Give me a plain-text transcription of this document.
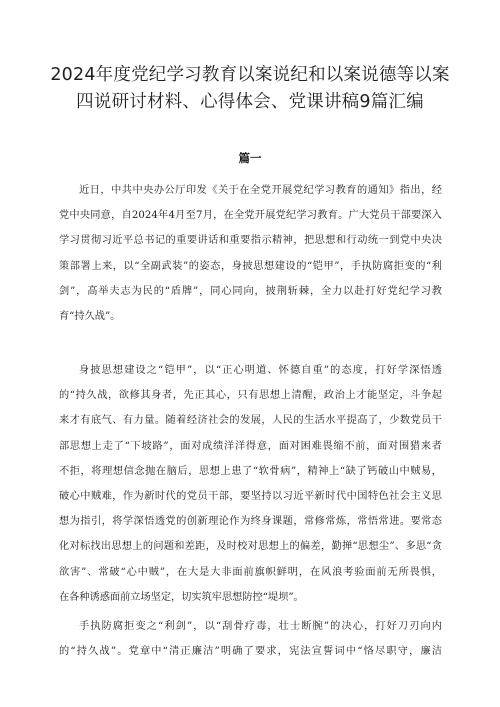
2024年度党纪学习教育以案说纪和以案说德等以案
四说研讨材料、心得体会、党课讲稿9篇汇编
篇一
近日，中共中央办公厅印发《关于在全党开展党纪学习教育的通知》指出，经
党中央同意，自2024年4月至7月，在全党开展党纪学习教育。广大党员干部要深入
学习贯彻习近平总书记的重要讲话和重要指示精神，把思想和行动统一到党中央决
策部署上来，以“全副武装”的姿态，身披思想建设的“铠甲”，手执防腐拒变的“利
剑”，高举夫志为民的“盾牌”，同心同向，披荆斩棘，全力以赴打好党纪学习教
育“持久战”。
身披思想建设之“铠甲”，以“正心明道、怀德自重”的态度，打好学深悟透
的“持久战，欲修其身者，先正其心，只有思想上清醒，政治上才能坚定，斗争起
来才有底气、有力量。随着经济社会的发展，人民的生活水平提高了，少数党员干
部思想上走了“下坡路”，面对成绩洋洋得意，面对困难畏缩不前，面对围猎来者
不拒，将理想信念抛在脑后，思想上患了“软骨病”，精神上“缺了钙破山中贼易，
破心中贼难，作为新时代的党员干部，要坚持以习近平新时代中国特色社会主义思
想为指引，将学深悟透党的创新理论作为终身课题，常修常炼，常悟常进。要常态
化对标找出思想上的问题和差距，及时校对思想上的偏差，勤掸“思想尘”、多思“贪
欲害”、常破“心中贼”，在大是大非面前旗帜鲜明，在风浪考验面前无所畏惧，
在各种诱惑面前立场坚定，切实筑牢思想防控“堤坝”。
手执防腐拒变之“利剑”，以“刮骨疗毒，壮士断腕”的决心，打好刀刃向内
的“持久战”。党章中“清正廉洁”明确了要求，宪法宣誓词中“恪尽职守，廉洁
